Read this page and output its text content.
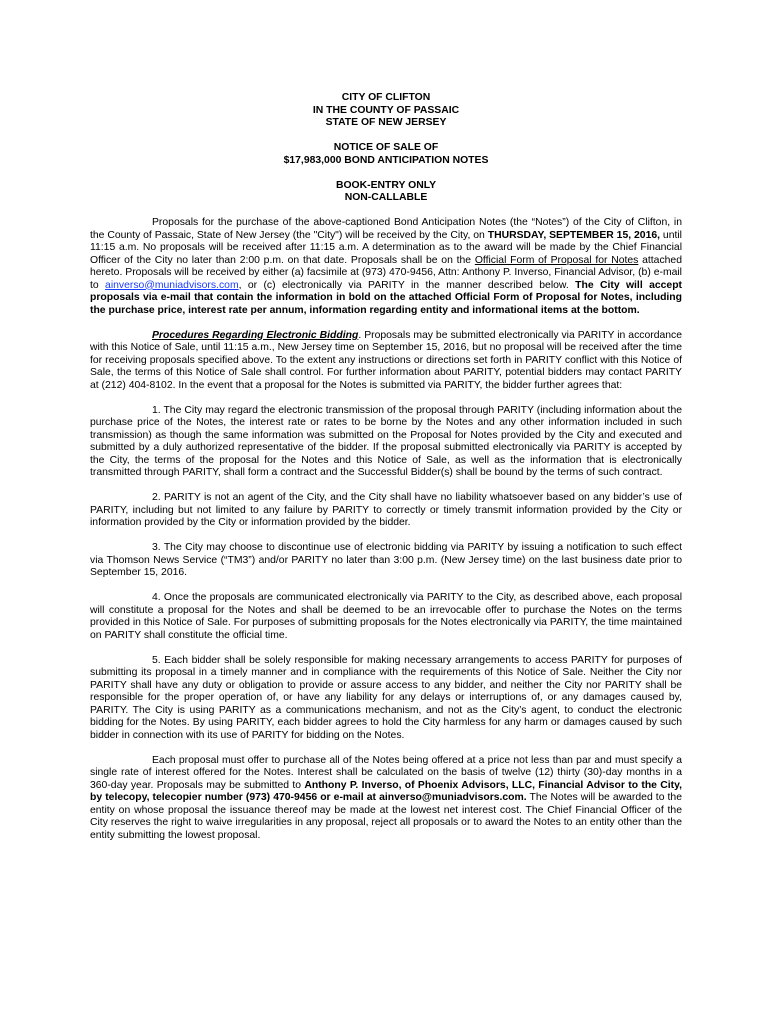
CITY OF CLIFTON

IN THE COUNTY OF PASSAIC

STATE OF NEW JERSEY

NOTICE OF SALE OF

$17,983,000 BOND ANTICIPATION NOTES

BOOK-ENTRY ONLY

NON-CALLABLE

Proposals for the purchase of the above-captioned Bond Anticipation Notes (the “Notes”) of the City of Clifton, in the County of Passaic, State of New Jersey (the "City") will be received by the City, on THURSDAY, SEPTEMBER 15, 2016, until 11:15 a.m. No proposals will be received after 11:15 a.m. A determination as to the award will be made by the Chief Financial Officer of the City no later than 2:00 p.m. on that date. Proposals shall be on the Official Form of Proposal for Notes attached hereto. Proposals will be received by either (a) facsimile at (973) 470-9456, Attn: Anthony P. Inverso, Financial Advisor, (b) e-mail to ainverso@muniadvisors.com, or (c) electronically via PARITY in the manner described below. The City will accept proposals via e-mail that contain the information in bold on the attached Official Form of Proposal for Notes, including the purchase price, interest rate per annum, information regarding entity and informational items at the bottom.

Procedures Regarding Electronic Bidding. Proposals may be submitted electronically via PARITY in accordance with this Notice of Sale, until 11:15 a.m., New Jersey time on September 15, 2016, but no proposal will be received after the time for receiving proposals specified above. To the extent any instructions or directions set forth in PARITY conflict with this Notice of Sale, the terms of this Notice of Sale shall control. For further information about PARITY, potential bidders may contact PARITY at (212) 404-8102. In the event that a proposal for the Notes is submitted via PARITY, the bidder further agrees that:

1. The City may regard the electronic transmission of the proposal through PARITY (including information about the purchase price of the Notes, the interest rate or rates to be borne by the Notes and any other information included in such transmission) as though the same information was submitted on the Proposal for Notes provided by the City and executed and submitted by a duly authorized representative of the bidder. If the proposal submitted electronically via PARITY is accepted by the City, the terms of the proposal for the Notes and this Notice of Sale, as well as the information that is electronically transmitted through PARITY, shall form a contract and the Successful Bidder(s) shall be bound by the terms of such contract.

2. PARITY is not an agent of the City, and the City shall have no liability whatsoever based on any bidder’s use of PARITY, including but not limited to any failure by PARITY to correctly or timely transmit information provided by the City or information provided by the City or information provided by the bidder.

3. The City may choose to discontinue use of electronic bidding via PARITY by issuing a notification to such effect via Thomson News Service (“TM3”) and/or PARITY no later than 3:00 p.m. (New Jersey time) on the last business date prior to September 15, 2016.

4. Once the proposals are communicated electronically via PARITY to the City, as described above, each proposal will constitute a proposal for the Notes and shall be deemed to be an irrevocable offer to purchase the Notes on the terms provided in this Notice of Sale. For purposes of submitting proposals for the Notes electronically via PARITY, the time maintained on PARITY shall constitute the official time.

5. Each bidder shall be solely responsible for making necessary arrangements to access PARITY for purposes of submitting its proposal in a timely manner and in compliance with the requirements of this Notice of Sale. Neither the City nor PARITY shall have any duty or obligation to provide or assure access to any bidder, and neither the City nor PARITY shall be responsible for the proper operation of, or have any liability for any delays or interruptions of, or any damages caused by, PARITY. The City is using PARITY as a communications mechanism, and not as the City’s agent, to conduct the electronic bidding for the Notes. By using PARITY, each bidder agrees to hold the City harmless for any harm or damages caused by such bidder in connection with its use of PARITY for bidding on the Notes.

Each proposal must offer to purchase all of the Notes being offered at a price not less than par and must specify a single rate of interest offered for the Notes. Interest shall be calculated on the basis of twelve (12) thirty (30)-day months in a 360-day year. Proposals may be submitted to Anthony P. Inverso, of Phoenix Advisors, LLC, Financial Advisor to the City, by telecopy, telecopier number (973) 470-9456 or e-mail at ainverso@muniadvisors.com. The Notes will be awarded to the entity on whose proposal the issuance thereof may be made at the lowest net interest cost. The Chief Financial Officer of the City reserves the right to waive irregularities in any proposal, reject all proposals or to award the Notes to an entity other than the entity submitting the lowest proposal.
